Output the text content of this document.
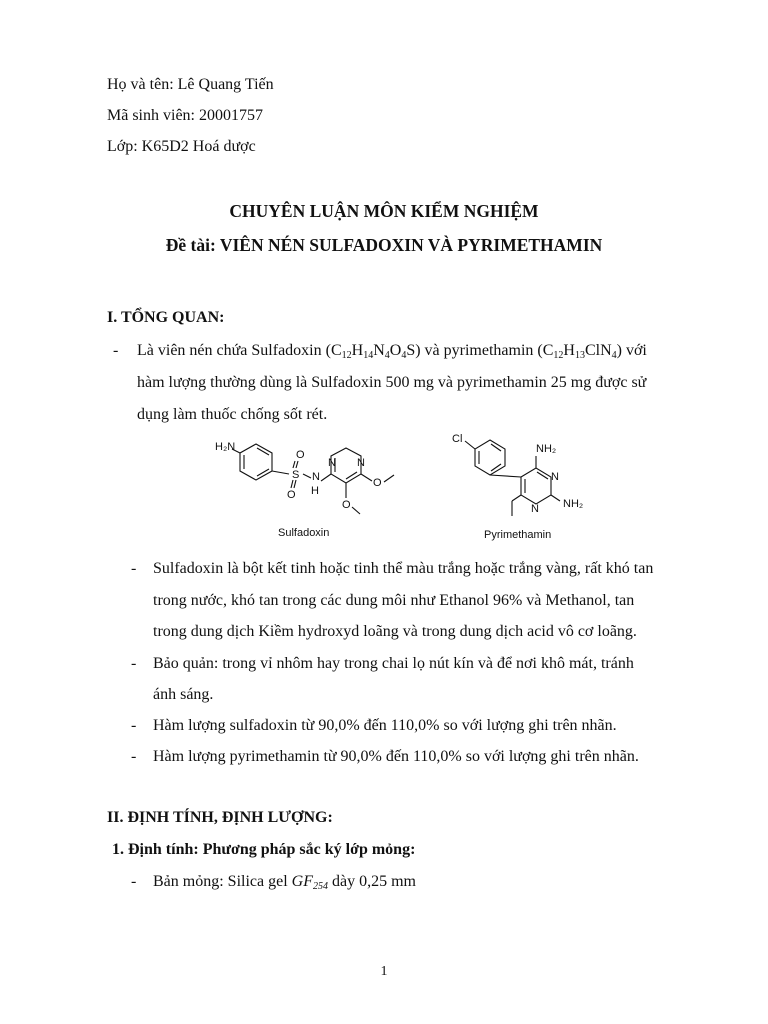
Họ và tên: Lê Quang Tiến
Mã sinh viên: 20001757
Lớp: K65D2 Hoá dược
CHUYÊN LUẬN MÔN KIỂM NGHIỆM
Đề tài: VIÊN NÉN SULFADOXIN VÀ PYRIMETHAMIN
I. TỔNG QUAN:
- Là viên nén chứa Sulfadoxin $(C_{12}H_{14}N_4O_4S)$ và pyrimethamin $(C_{12}H_{13}ClN_4)$ với
hàm lượng thường dùng là Sulfadoxin 500 mg và pyrimethamin 25 mg được sử
dụng làm thuốc chống sốt rét.
H₂N
O
S
O
N
H
N N
O
O
Cl
NH₂
N
N NH₂
Sulfadoxin	Pyrimethamin
- Sulfadoxin là bột kết tinh hoặc tinh thể màu trắng hoặc trắng vàng, rất khó tan
trong nước, khó tan trong các dung môi như Ethanol 96% và Methanol, tan
trong dung dịch Kiềm hydroxyd loãng và trong dung dịch acid vô cơ loãng.
- Bảo quản: trong vỉ nhôm hay trong chai lọ nút kín và để nơi khô mát, tránh
ánh sáng.
- Hàm lượng sulfadoxin từ 90,0% đến 110,0% so với lượng ghi trên nhãn.
- Hàm lượng pyrimethamin từ 90,0% đến 110,0% so với lượng ghi trên nhãn.
II. ĐỊNH TÍNH, ĐỊNH LƯỢNG:
1. Định tính: Phương pháp sắc ký lớp mỏng:
- Bản mỏng: Silica gel $GF_{254}$ dày 0,25 mm
1
